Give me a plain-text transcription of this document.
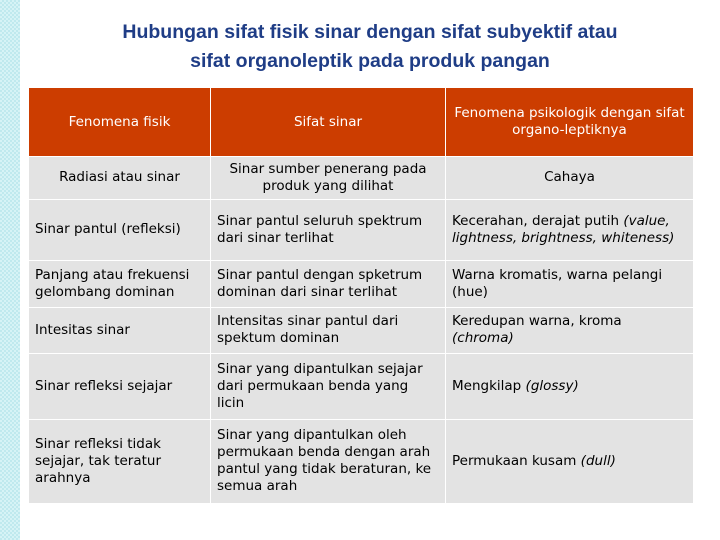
Hubungan sifat fisik sinar dengan sifat subyektif atau
sifat organoleptik pada produk pangan
Fenomena fisik	Sifat sinar	Fenomena psikologik dengan sifat organo-leptiknya
Radiasi atau sinar	Sinar sumber penerang pada produk yang dilihat	Cahaya
Sinar pantul (refleksi)	Sinar pantul seluruh spektrum dari sinar terlihat	Kecerahan, derajat putih (value, lightness, brightness, whiteness)
Panjang atau frekuensi gelombang dominan	Sinar pantul dengan spketrum dominan dari sinar terlihat	Warna kromatis, warna pelangi (hue)
Intesitas sinar	Intensitas sinar pantul dari spektum dominan	Keredupan warna, kroma (chroma)
Sinar refleksi sejajar	Sinar yang dipantulkan sejajar dari permukaan benda yang licin	Mengkilap (glossy)
Sinar refleksi tidak sejajar, tak teratur arahnya	Sinar yang dipantulkan oleh permukaan benda dengan arah pantul yang tidak beraturan, ke semua arah	Permukaan kusam (dull)
